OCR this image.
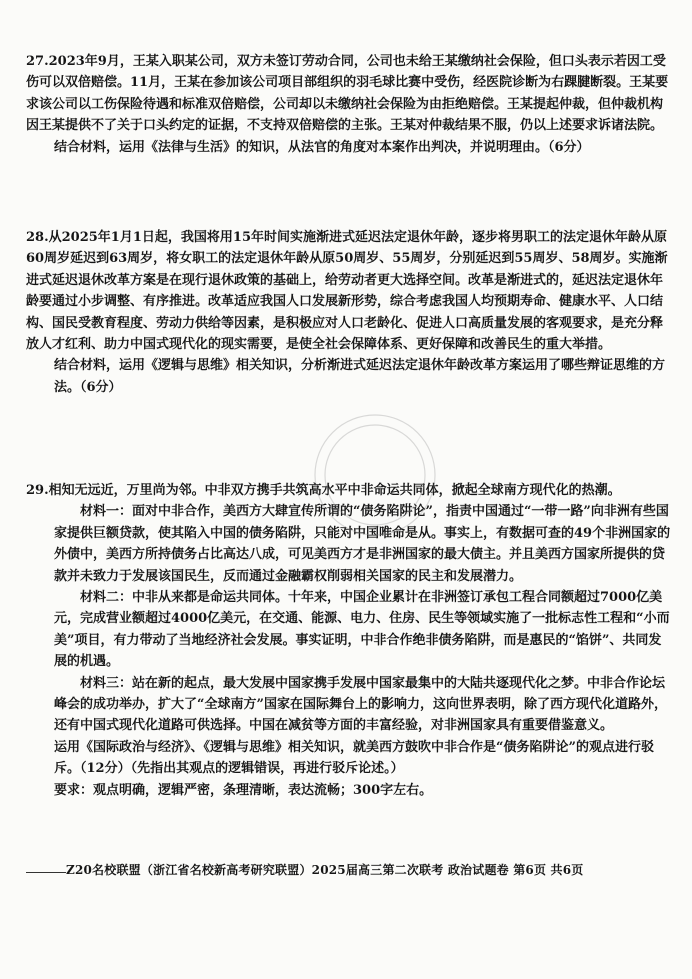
27.2023年9月，王某入职某公司，双方未签订劳动合同，公司也未给王某缴纳社会保险，但口头表示若因工受伤可以双倍赔偿。11月，王某在参加该公司项目部组织的羽毛球比赛中受伤，经医院诊断为右踝腱断裂。王某要求该公司以工伤保险待遇和标准双倍赔偿，公司却以未缴纳社会保险为由拒绝赔偿。王某提起仲裁，但仲裁机构因王某提供不了关于口头约定的证据，不支持双倍赔偿的主张。王某对仲裁结果不服，仍以上述要求诉诸法院。

结合材料，运用《法律与生活》的知识，从法官的角度对本案作出判决，并说明理由。（6分）

28.从2025年1月1日起，我国将用15年时间实施渐进式延迟法定退休年龄，逐步将男职工的法定退休年龄从原60周岁延迟到63周岁，将女职工的法定退休年龄从原50周岁、55周岁，分别延迟到55周岁、58周岁。实施渐进式延迟退休改革方案是在现行退休政策的基础上，给劳动者更大选择空间。改革是渐进式的，延迟法定退休年龄要通过小步调整、有序推进。改革适应我国人口发展新形势，综合考虑我国人均预期寿命、健康水平、人口结构、国民受教育程度、劳动力供给等因素，是积极应对人口老龄化、促进人口高质量发展的客观要求，是充分释放人才红利、助力中国式现代化的现实需要，是使全社会保障体系、更好保障和改善民生的重大举措。

结合材料，运用《逻辑与思维》相关知识，分析渐进式延迟法定退休年龄改革方案运用了哪些辩证思维的方法。（6分）

29.相知无远近，万里尚为邻。中非双方携手共筑高水平中非命运共同体，掀起全球南方现代化的热潮。

材料一：面对中非合作，美西方大肆宣传所谓的“债务陷阱论”，指责中国通过“一带一路”向非洲有些国家提供巨额贷款，使其陷入中国的债务陷阱，只能对中国唯命是从。事实上，有数据可查的49个非洲国家的外债中，美西方所持债务占比高达八成，可见美西方才是非洲国家的最大债主。并且美西方国家所提供的贷款并未致力于发展该国民生，反而通过金融霸权削弱相关国家的民主和发展潜力。

材料二：中非从来都是命运共同体。十年来，中国企业累计在非洲签订承包工程合同额超过7000亿美元，完成营业额超过4000亿美元，在交通、能源、电力、住房、民生等领域实施了一批标志性工程和“小而美”项目，有力带动了当地经济社会发展。事实证明，中非合作绝非债务陷阱，而是惠民的“馅饼”、共同发展的机遇。

材料三：站在新的起点，最大发展中国家携手发展中国家最集中的大陆共逐现代化之梦。中非合作论坛峰会的成功举办，扩大了“全球南方”国家在国际舞台上的影响力，这向世界表明，除了西方现代化道路外，还有中国式现代化道路可供选择。中国在减贫等方面的丰富经验，对非洲国家具有重要借鉴意义。

运用《国际政治与经济》、《逻辑与思维》相关知识，就美西方鼓吹中非合作是“债务陷阱论”的观点进行驳斥。（12分）（先指出其观点的逻辑错误，再进行驳斥论述。）

要求：观点明确，逻辑严密，条理清晰，表达流畅；300字左右。

Z20名校联盟（浙江省名校新高考研究联盟）2025届高三第二次联考 政治试题卷 第6页 共6页
